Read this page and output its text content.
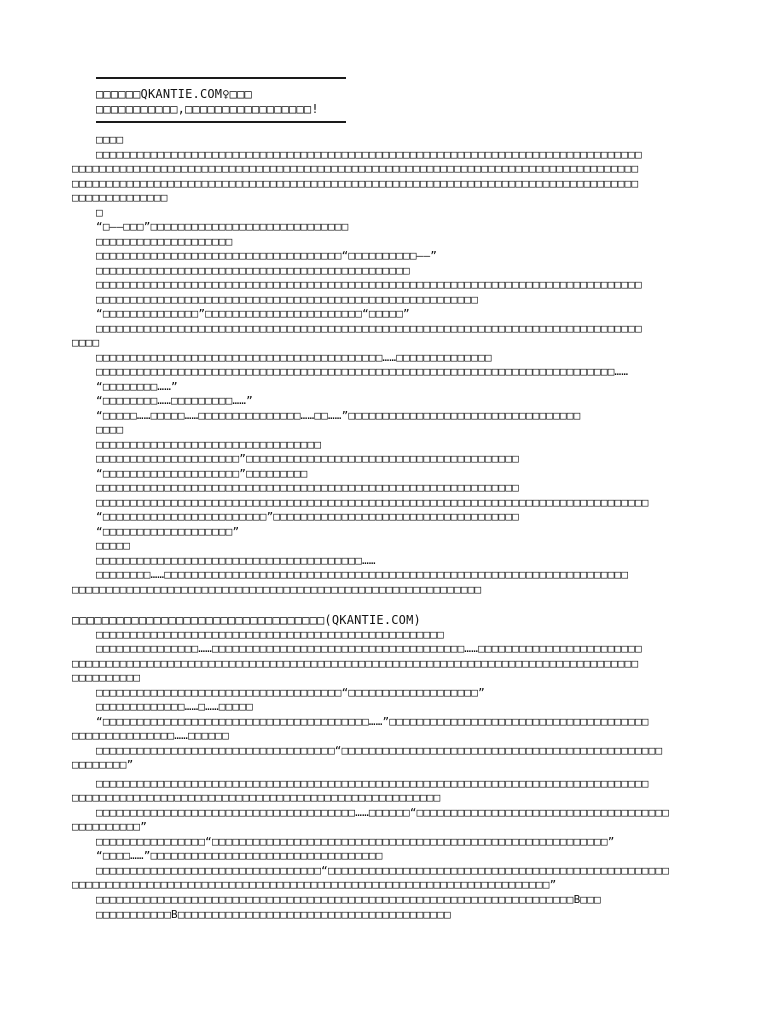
□□□□□□QKANTIE.COM♀□□□
□□□□□□□□□□□,□□□□□□□□□□□□□□□□□!
□□□□
□□□□□□□□□□□□□□□□□□□□□□□□□□□□□□□□□□□□□□□□□□□□□□□□□□□□□□□□□□□□□□□□□□□□□□□□□□□□□□□□
□□□□□□□□□□□□□□□□□□□□□□□□□□□□□□□□□□□□□□□□□□□□□□□□□□□□□□□□□□□□□□□□□□□□□□□□□□□□□□□□□□□
□□□□□□□□□□□□□□□□□□□□□□□□□□□□□□□□□□□□□□□□□□□□□□□□□□□□□□□□□□□□□□□□□□□□□□□□□□□□□□□□□□□
□□□□□□□□□□□□□□
□
“□——□□□”□□□□□□□□□□□□□□□□□□□□□□□□□□□□□
□□□□□□□□□□□□□□□□□□□□
□□□□□□□□□□□□□□□□□□□□□□□□□□□□□□□□□□□□“□□□□□□□□□□——”
□□□□□□□□□□□□□□□□□□□□□□□□□□□□□□□□□□□□□□□□□□□□□□
□□□□□□□□□□□□□□□□□□□□□□□□□□□□□□□□□□□□□□□□□□□□□□□□□□□□□□□□□□□□□□□□□□□□□□□□□□□□□□□□
□□□□□□□□□□□□□□□□□□□□□□□□□□□□□□□□□□□□□□□□□□□□□□□□□□□□□□□□
“□□□□□□□□□□□□□□”□□□□□□□□□□□□□□□□□□□□□□□“□□□□□”
□□□□□□□□□□□□□□□□□□□□□□□□□□□□□□□□□□□□□□□□□□□□□□□□□□□□□□□□□□□□□□□□□□□□□□□□□□□□□□□□
□□□□
□□□□□□□□□□□□□□□□□□□□□□□□□□□□□□□□□□□□□□□□□□……□□□□□□□□□□□□□□
□□□□□□□□□□□□□□□□□□□□□□□□□□□□□□□□□□□□□□□□□□□□□□□□□□□□□□□□□□□□□□□□□□□□□□□□□□□□……
“□□□□□□□□……”
“□□□□□□□□……□□□□□□□□□……”
“□□□□□……□□□□□……□□□□□□□□□□□□□□□……□□……”□□□□□□□□□□□□□□□□□□□□□□□□□□□□□□□□□□
□□□□
□□□□□□□□□□□□□□□□□□□□□□□□□□□□□□□□□
□□□□□□□□□□□□□□□□□□□□□”□□□□□□□□□□□□□□□□□□□□□□□□□□□□□□□□□□□□□□□□
“□□□□□□□□□□□□□□□□□□□□”□□□□□□□□□
□□□□□□□□□□□□□□□□□□□□□□□□□□□□□□□□□□□□□□□□□□□□□□□□□□□□□□□□□□□□□□
□□□□□□□□□□□□□□□□□□□□□□□□□□□□□□□□□□□□□□□□□□□□□□□□□□□□□□□□□□□□□□□□□□□□□□□□□□□□□□□□□
“□□□□□□□□□□□□□□□□□□□□□□□□”□□□□□□□□□□□□□□□□□□□□□□□□□□□□□□□□□□□□
“□□□□□□□□□□□□□□□□□□□”
□□□□□
□□□□□□□□□□□□□□□□□□□□□□□□□□□□□□□□□□□□□□□……
□□□□□□□□……□□□□□□□□□□□□□□□□□□□□□□□□□□□□□□□□□□□□□□□□□□□□□□□□□□□□□□□□□□□□□□□□□□□□
□□□□□□□□□□□□□□□□□□□□□□□□□□□□□□□□□□□□□□□□□□□□□□□□□□□□□□□□□□□□
□□□□□□□□□□□□□□□□□□□□□□□□□□□□□□□□□□(QKANTIE.COM)
□□□□□□□□□□□□□□□□□□□□□□□□□□□□□□□□□□□□□□□□□□□□□□□□□□□
□□□□□□□□□□□□□□□……□□□□□□□□□□□□□□□□□□□□□□□□□□□□□□□□□□□□□……□□□□□□□□□□□□□□□□□□□□□□□□
□□□□□□□□□□□□□□□□□□□□□□□□□□□□□□□□□□□□□□□□□□□□□□□□□□□□□□□□□□□□□□□□□□□□□□□□□□□□□□□□□□□
□□□□□□□□□□
□□□□□□□□□□□□□□□□□□□□□□□□□□□□□□□□□□□□“□□□□□□□□□□□□□□□□□□□”
□□□□□□□□□□□□□……□……□□□□□
“□□□□□□□□□□□□□□□□□□□□□□□□□□□□□□□□□□□□□□□……”□□□□□□□□□□□□□□□□□□□□□□□□□□□□□□□□□□□□□□
□□□□□□□□□□□□□□□……□□□□□□
□□□□□□□□□□□□□□□□□□□□□□□□□□□□□□□□□□□“□□□□□□□□□□□□□□□□□□□□□□□□□□□□□□□□□□□□□□□□□□□□□□□
□□□□□□□□”
□□□□□□□□□□□□□□□□□□□□□□□□□□□□□□□□□□□□□□□□□□□□□□□□□□□□□□□□□□□□□□□□□□□□□□□□□□□□□□□□□
□□□□□□□□□□□□□□□□□□□□□□□□□□□□□□□□□□□□□□□□□□□□□□□□□□□□□□
□□□□□□□□□□□□□□□□□□□□□□□□□□□□□□□□□□□□□□……□□□□□□“□□□□□□□□□□□□□□□□□□□□□□□□□□□□□□□□□□□□□
□□□□□□□□□□”
□□□□□□□□□□□□□□□□“□□□□□□□□□□□□□□□□□□□□□□□□□□□□□□□□□□□□□□□□□□□□□□□□□□□□□□□□□□”
“□□□□……”□□□□□□□□□□□□□□□□□□□□□□□□□□□□□□□□□□
□□□□□□□□□□□□□□□□□□□□□□□□□□□□□□□□□“□□□□□□□□□□□□□□□□□□□□□□□□□□□□□□□□□□□□□□□□□□□□□□□□□□
□□□□□□□□□□□□□□□□□□□□□□□□□□□□□□□□□□□□□□□□□□□□□□□□□□□□□□□□□□□□□□□□□□□□□□”
□□□□□□□□□□□□□□□□□□□□□□□□□□□□□□□□□□□□□□□□□□□□□□□□□□□□□□□□□□□□□□□□□□□□□□B□□□
□□□□□□□□□□□B□□□□□□□□□□□□□□□□□□□□□□□□□□□□□□□□□□□□□□□□
